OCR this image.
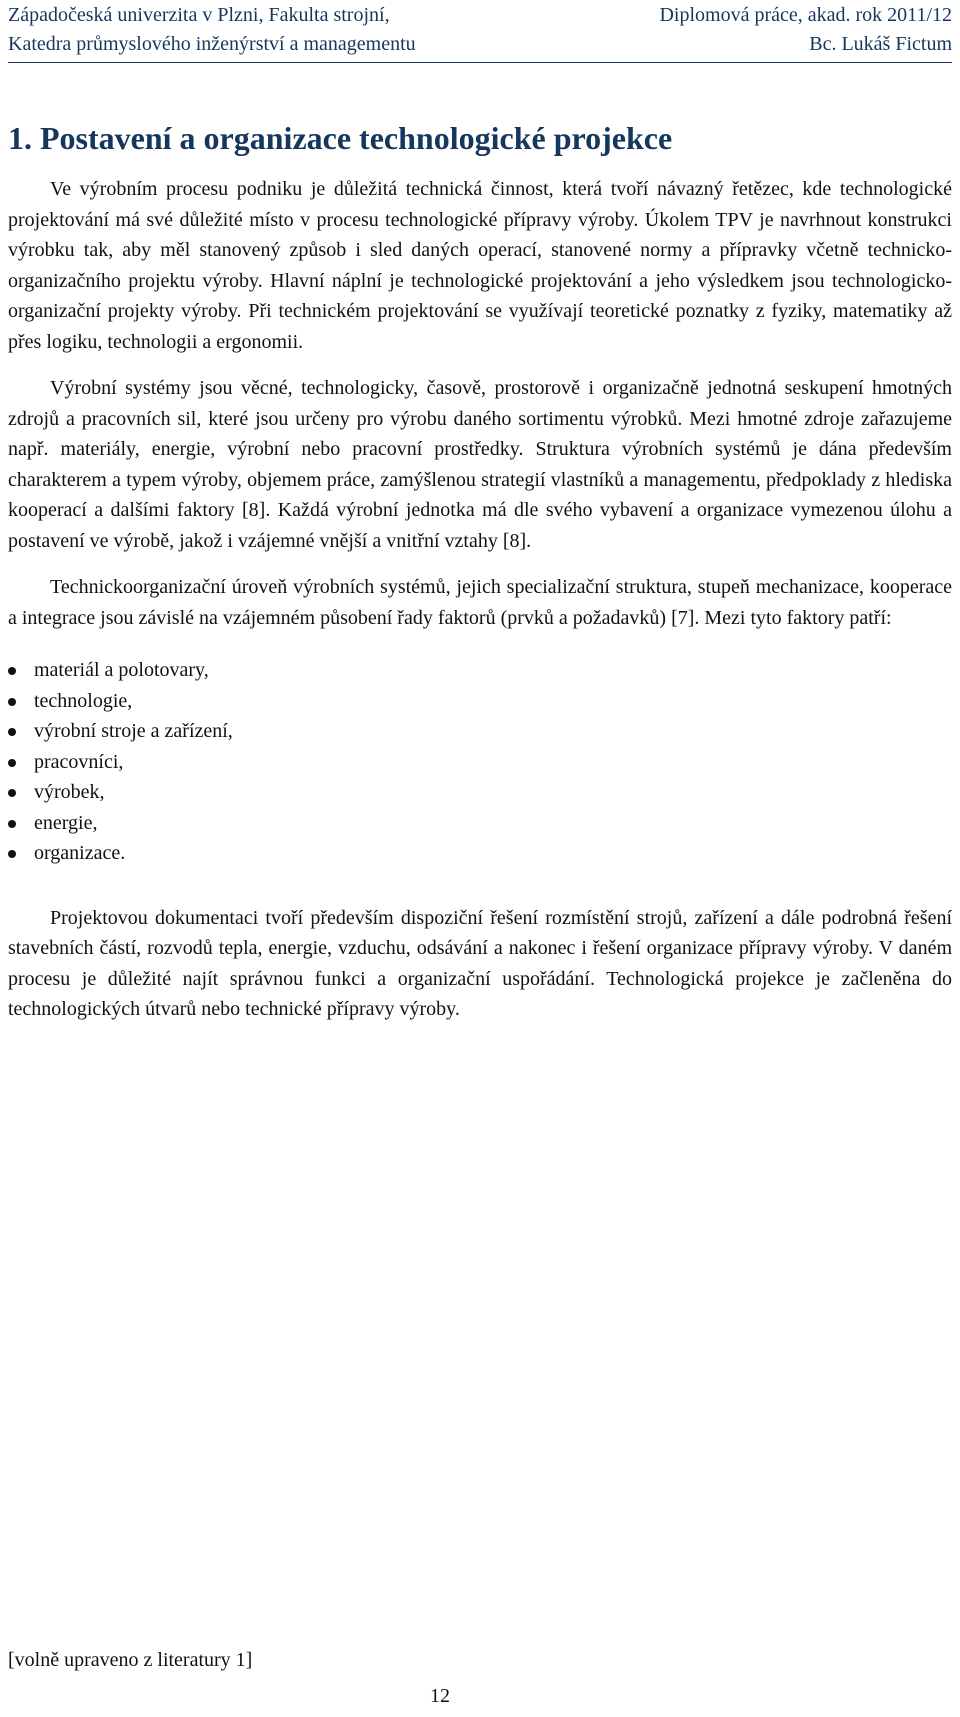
Západočeská univerzita v Plzni, Fakulta strojní,	Diplomová práce, akad. rok 2011/12
Katedra průmyslového inženýrství a managementu	Bc. Lukáš Fictum
1. Postavení a organizace technologické projekce

Ve výrobním procesu podniku je důležitá technická činnost, která tvoří návazný řetězec, kde technologické projektování má své důležité místo v procesu technologické přípravy výroby. Úkolem TPV je navrhnout konstrukci výrobku tak, aby měl stanovený způsob i sled daných operací, stanovené normy a přípravky včetně technicko-organizačního projektu výroby. Hlavní náplní je technologické projektování a jeho výsledkem jsou technologicko-organizační projekty výroby. Při technickém projektování se využívají teoretické poznatky z fyziky, matematiky až přes logiku, technologii a ergonomii.

Výrobní systémy jsou věcné, technologicky, časově, prostorově i organizačně jednotná seskupení hmotných zdrojů a pracovních sil, které jsou určeny pro výrobu daného sortimentu výrobků. Mezi hmotné zdroje zařazujeme např. materiály, energie, výrobní nebo pracovní prostředky. Struktura výrobních systémů je dána především charakterem a typem výroby, objemem práce, zamýšlenou strategií vlastníků a managementu, předpoklady z hlediska kooperací a dalšími faktory [8]. Každá výrobní jednotka má dle svého vybavení a organizace vymezenou úlohu a postavení ve výrobě, jakož i vzájemné vnější a vnitřní vztahy [8].

Technickoorganizační úroveň výrobních systémů, jejich specializační struktura, stupeň mechanizace, kooperace a integrace jsou závislé na vzájemném působení řady faktorů (prvků a požadavků) [7]. Mezi tyto faktory patří:

materiál a polotovary,
technologie,
výrobní stroje a zařízení,
pracovníci,
výrobek,
energie,
organizace.

Projektovou dokumentaci tvoří především dispoziční řešení rozmístění strojů, zařízení a dále podrobná řešení stavebních částí, rozvodů tepla, energie, vzduchu, odsávání a nakonec i řešení organizace přípravy výroby. V daném procesu je důležité najít správnou funkci a organizační uspořádání. Technologická projekce je začleněna do technologických útvarů nebo technické přípravy výroby.

[volně upraveno z literatury 1]

12
